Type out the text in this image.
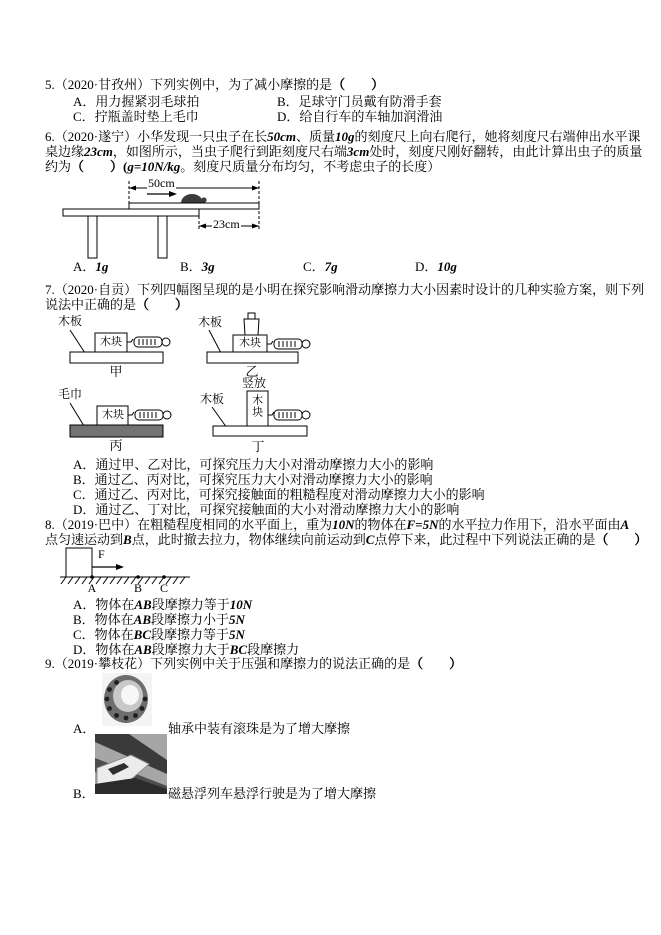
5.（2020·甘孜州）下列实例中，为了减小摩擦的是（　　）
A．用力握紧羽毛球拍	B．足球守门员戴有防滑手套
C．拧瓶盖时垫上毛巾	D．给自行车的车轴加润滑油
6.（2020·遂宁）小华发现一只虫子在长50cm、质量10g的刻度尺上向右爬行，她将刻度尺右端伸出水平课
桌边缘23cm，如图所示，当虫子爬行到距刻度尺右端3cm处时，刻度尺刚好翻转，由此计算出虫子的质量
约为（　　）(g=10N/kg。刻度尺质量分布均匀，不考虑虫子的长度）
50cm
23cm
A．1g	B．3g	C．7g	D．10g
7.（2020·自贡）下列四幅图呈现的是小明在探究影响滑动摩擦力大小因素时设计的几种实验方案，则下列
说法中正确的是（　　）
木板
木块
甲
木板
木块
乙
毛巾
木块
丙
竖放
木板 木块
丁
A．通过甲、乙对比，可探究压力大小对滑动摩擦力大小的影响
B．通过乙、丙对比，可探究压力大小对滑动摩擦力大小的影响
C．通过乙、丙对比，可探究接触面的粗糙程度对滑动摩擦力大小的影响
D．通过乙、丁对比，可探究接触面的大小对滑动摩擦力大小的影响
8.（2019·巴中）在粗糙程度相同的水平面上，重为10N的物体在F=5N的水平拉力作用下，沿水平面由A
点匀速运动到B点，此时撤去拉力，物体继续向前运动到C点停下来，此过程中下列说法正确的是（　　）
F
A	B C
A．物体在AB段摩擦力等于10N
B．物体在AB段摩擦力小于5N
C．物体在BC段摩擦力等于5N
D．物体在AB段摩擦力大于BC段摩擦力
9.（2019·攀枝花）下列实例中关于压强和摩擦力的说法正确的是（　　）
A．	轴承中装有滚珠是为了增大摩擦
B．	磁悬浮列车悬浮行驶是为了增大摩擦
